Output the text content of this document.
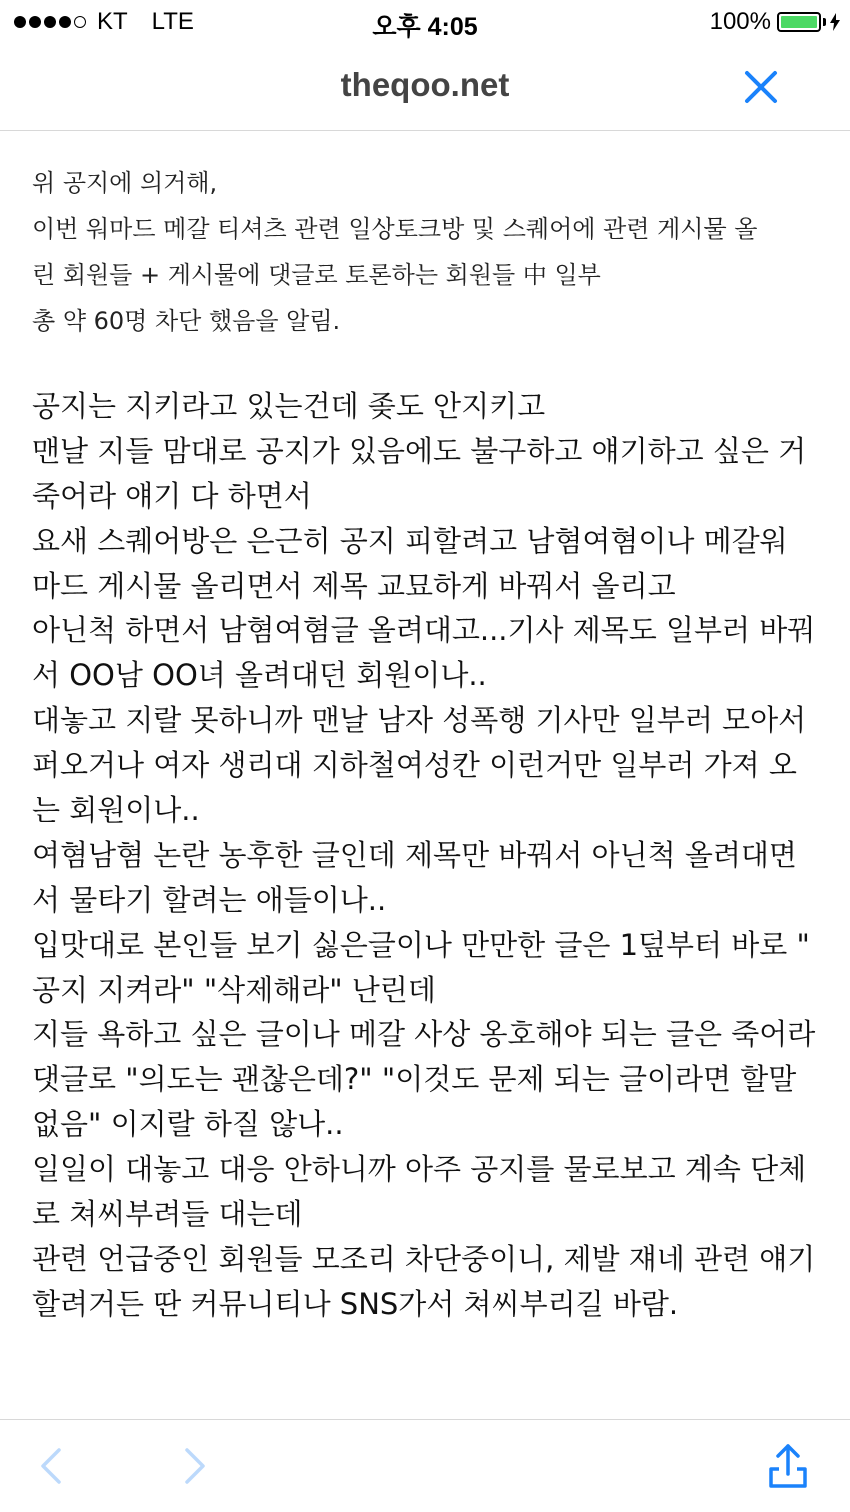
KT LTE	오후 4:05	100%
theqoo.net
위 공지에 의거해,
이번 워마드 메갈 티셔츠 관련 일상토크방 및 스퀘어에 관련 게시물 올
린 회원들 + 게시물에 댓글로 토론하는 회원들 中 일부
총 약 60명 차단 했음을 알림.
공지는 지키라고 있는건데 좆도 안지키고
맨날 지들 맘대로 공지가 있음에도 불구하고 얘기하고 싶은 거
죽어라 얘기 다 하면서
요새 스퀘어방은 은근히 공지 피할려고 남혐여혐이나 메갈워
마드 게시물 올리면서 제목 교묘하게 바꿔서 올리고
아닌척 하면서 남혐여혐글 올려대고...기사 제목도 일부러 바꿔
서 OO남 OO녀 올려대던 회원이나..
대놓고 지랄 못하니까 맨날 남자 성폭행 기사만 일부러 모아서
퍼오거나 여자 생리대 지하철여성칸 이런거만 일부러 가져 오
는 회원이나..
여혐남혐 논란 농후한 글인데 제목만 바꿔서 아닌척 올려대면
서 물타기 할려는 애들이나..
입맛대로 본인들 보기 싫은글이나 만만한 글은 1덮부터 바로 "
공지 지켜라" "삭제해라" 난린데
지들 욕하고 싶은 글이나 메갈 사상 옹호해야 되는 글은 죽어라
댓글로 "의도는 괜찮은데?" "이것도 문제 되는 글이라면 할말
없음" 이지랄 하질 않나..
일일이 대놓고 대응 안하니까 아주 공지를 물로보고 계속 단체
로 쳐씨부려들 대는데
관련 언급중인 회원들 모조리 차단중이니, 제발 쟤네 관련 얘기
할려거든 딴 커뮤니티나 SNS가서 쳐씨부리길 바람.
